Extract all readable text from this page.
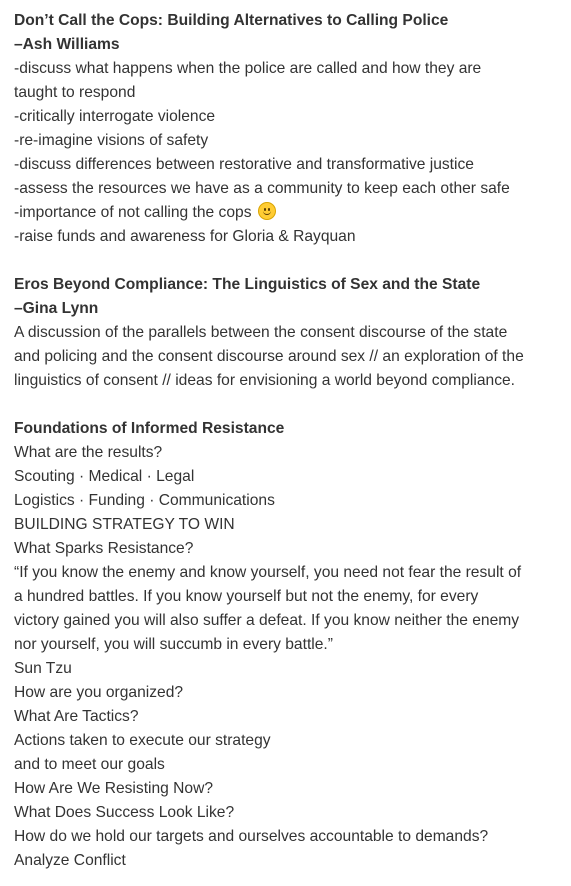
Don’t Call the Cops: Building Alternatives to Calling Police
–Ash Williams
-discuss what happens when the police are called and how they are
taught to respond
-critically interrogate violence
-re-imagine visions of safety
-discuss differences between restorative and transformative justice
-assess the resources we have as a community to keep each other safe
-importance of not calling the cops
-raise funds and awareness for Gloria & Rayquan
Eros Beyond Compliance: The Linguistics of Sex and the State
–Gina Lynn
A discussion of the parallels between the consent discourse of the state
and policing and the consent discourse around sex // an exploration of the
linguistics of consent // ideas for envisioning a world beyond compliance.
Foundations of Informed Resistance
What are the results?
Scouting · Medical · Legal
Logistics · Funding · Communications
BUILDING STRATEGY TO WIN
What Sparks Resistance?
“If you know the enemy and know yourself, you need not fear the result of
a hundred battles. If you know yourself but not the enemy, for every
victory gained you will also suffer a defeat. If you know neither the enemy
nor yourself, you will succumb in every battle.”
Sun Tzu
How are you organized?
What Are Tactics?
Actions taken to execute our strategy
and to meet our goals
How Are We Resisting Now?
What Does Success Look Like?
How do we hold our targets and ourselves accountable to demands?
Analyze Conflict
